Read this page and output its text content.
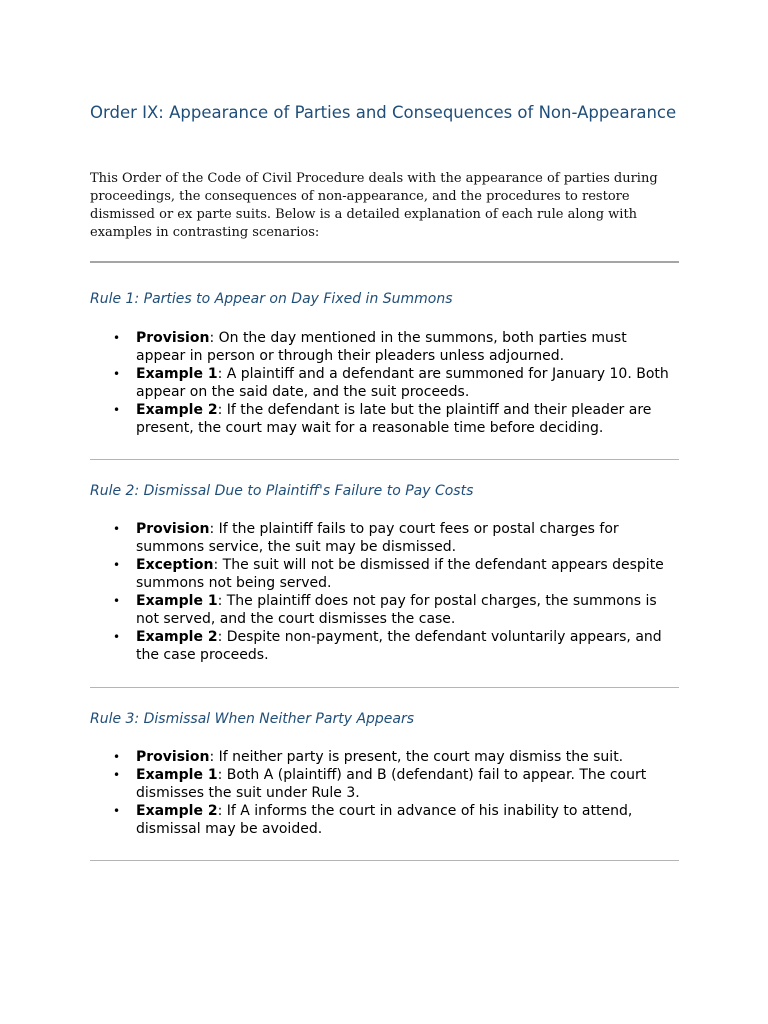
Order IX: Appearance of Parties and Consequences of Non-Appearance

This Order of the Code of Civil Procedure deals with the appearance of parties during proceedings, the consequences of non-appearance, and the procedures to restore dismissed or ex parte suits. Below is a detailed explanation of each rule along with examples in contrasting scenarios:

Rule 1: Parties to Appear on Day Fixed in Summons
• Provision: On the day mentioned in the summons, both parties must appear in person or through their pleaders unless adjourned.
• Example 1: A plaintiff and a defendant are summoned for January 10. Both appear on the said date, and the suit proceeds.
• Example 2: If the defendant is late but the plaintiff and their pleader are present, the court may wait for a reasonable time before deciding.
Rule 2: Dismissal Due to Plaintiff's Failure to Pay Costs
• Provision: If the plaintiff fails to pay court fees or postal charges for summons service, the suit may be dismissed.
• Exception: The suit will not be dismissed if the defendant appears despite summons not being served.
• Example 1: The plaintiff does not pay for postal charges, the summons is not served, and the court dismisses the case.
• Example 2: Despite non-payment, the defendant voluntarily appears, and the case proceeds.
Rule 3: Dismissal When Neither Party Appears
• Provision: If neither party is present, the court may dismiss the suit.
• Example 1: Both A (plaintiff) and B (defendant) fail to appear. The court dismisses the suit under Rule 3.
• Example 2: If A informs the court in advance of his inability to attend, dismissal may be avoided.
